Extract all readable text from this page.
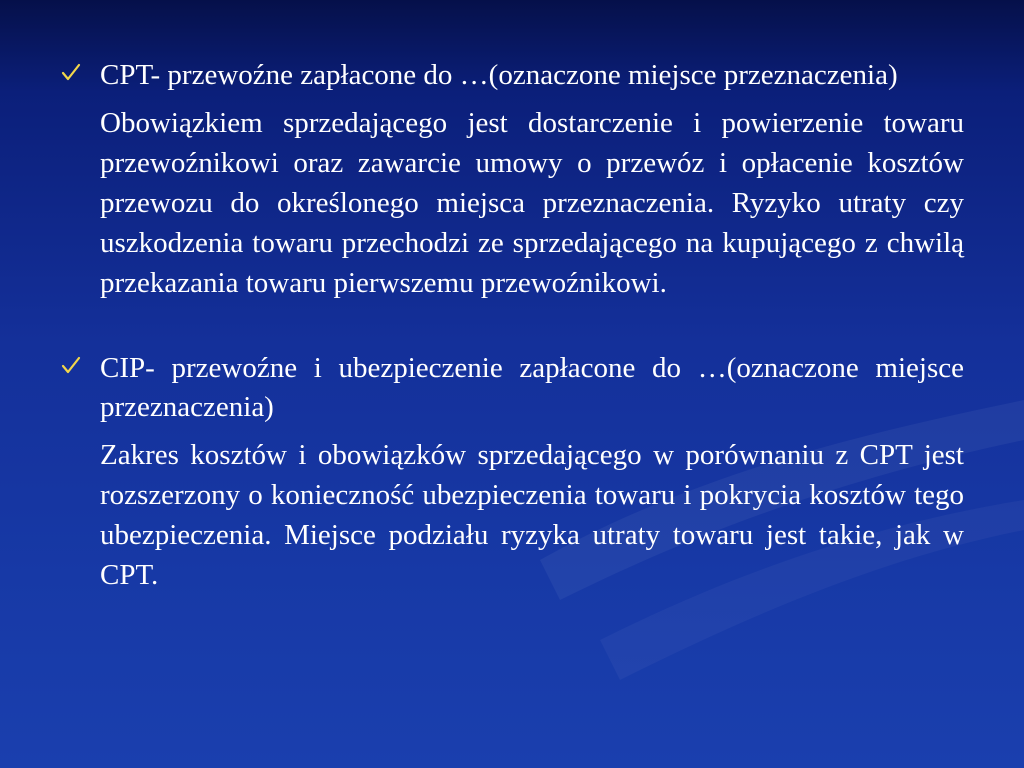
CPT- przewoźne zapłacone do …(oznaczone miejsce przeznaczenia)

Obowiązkiem sprzedającego jest dostarczenie i powierzenie towaru przewoźnikowi oraz zawarcie umowy o przewóz i opłacenie kosztów przewozu do określonego miejsca przeznaczenia. Ryzyko utraty czy uszkodzenia towaru przechodzi ze sprzedającego na kupującego z chwilą przekazania towaru pierwszemu przewoźnikowi.

CIP- przewoźne i ubezpieczenie zapłacone do …(oznaczone miejsce przeznaczenia)

Zakres kosztów i obowiązków sprzedającego w porównaniu z CPT jest rozszerzony o konieczność ubezpieczenia towaru i pokrycia kosztów tego ubezpieczenia. Miejsce podziału ryzyka utraty towaru jest takie, jak w CPT.
